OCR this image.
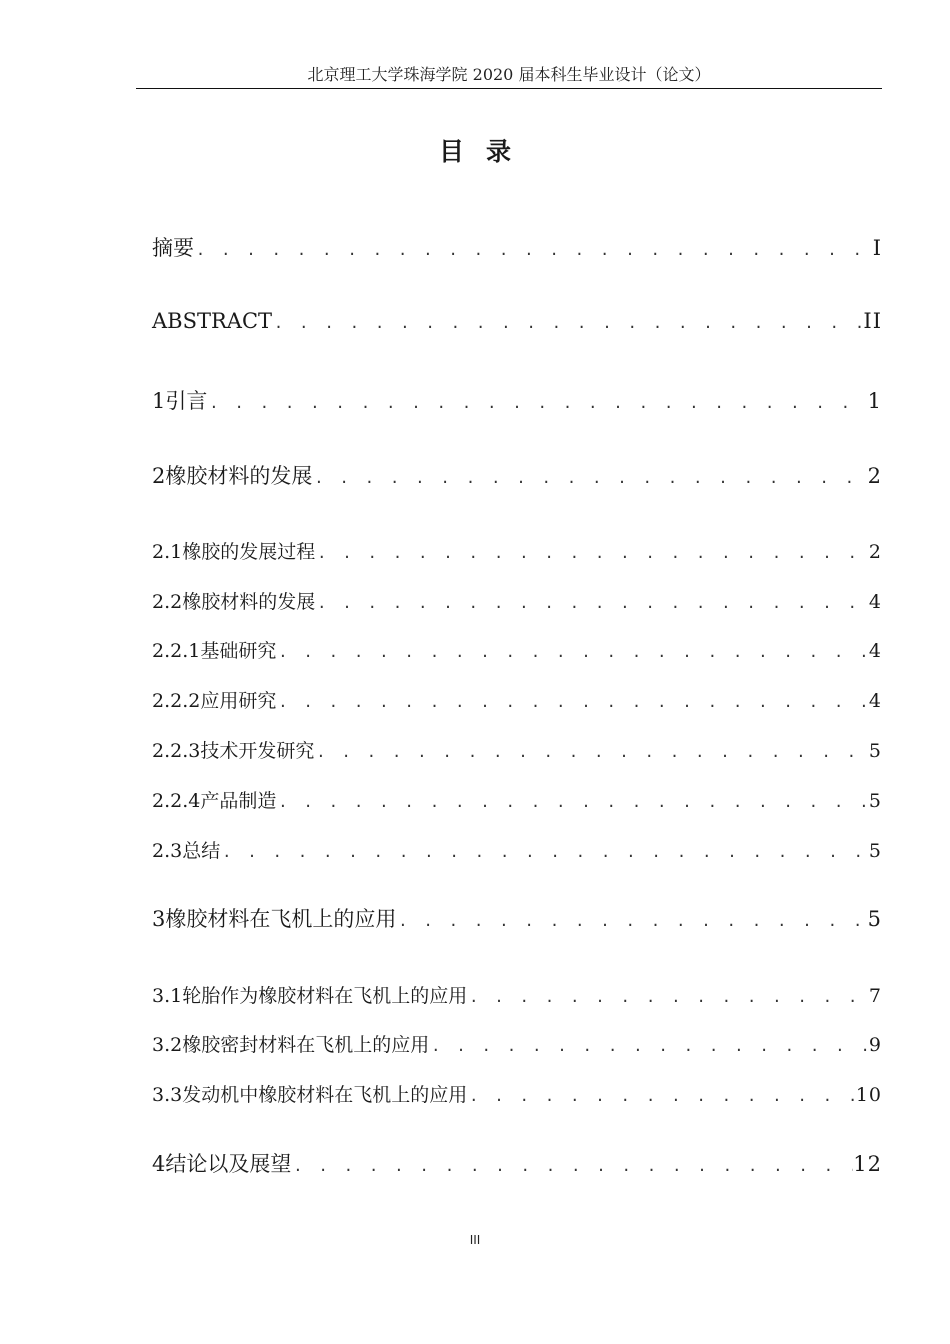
北京理工大学珠海学院 2020 届本科生毕业设计（论文）
目录
摘要 . . .	I
ABSTRACT . . .	II
1 引言 . . .	1
2 橡胶材料的发展 . . .	2
2.1 橡胶的发展过程 . . .	2
2.2 橡胶材料的发展 . . .	4
2.2.1 基础研究 . . .	4
2.2.2 应用研究 . . .	4
2.2.3 技术开发研究 . . .	5
2.2.4 产品制造 . . .	5
2.3 总结 . . .	5
3 橡胶材料在飞机上的应用 . . .	5
3.1 轮胎作为橡胶材料在飞机上的应用 . . .	7
3.2 橡胶密封材料在飞机上的应用 . . .	9
3.3 发动机中橡胶材料在飞机上的应用 . . .	10
4 结论以及展望 . . .	12
III
